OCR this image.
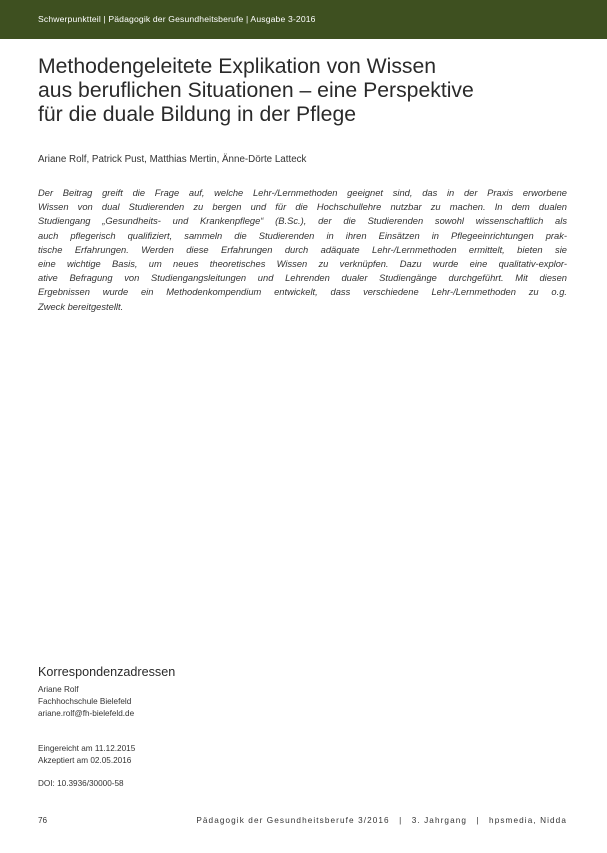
Schwerpunktteil | Pädagogik der Gesundheitsberufe | Ausgabe 3-2016
Methodengeleitete Explikation von Wissen
aus beruflichen Situationen – eine Perspektive
für die duale Bildung in der Pflege
Ariane Rolf, Patrick Pust, Matthias Mertin, Änne-Dörte Latteck

Der Beitrag greift die Frage auf, welche Lehr-/Lernmethoden geeignet sind, das in der Praxis erworbene
Wissen von dual Studierenden zu bergen und für die Hochschullehre nutzbar zu machen. In dem dualen
Studiengang „Gesundheits- und Krankenpflege“ (B.Sc.), der die Studierenden sowohl wissenschaftlich als
auch pflegerisch qualifiziert, sammeln die Studierenden in ihren Einsätzen in Pflegeeinrichtungen prak-
tische Erfahrungen. Werden diese Erfahrungen durch adäquate Lehr-/Lernmethoden ermittelt, bieten sie
eine wichtige Basis, um neues theoretisches Wissen zu verknüpfen. Dazu wurde eine qualitativ-explor-
ative Befragung von Studiengangsleitungen und Lehrenden dualer Studiengänge durchgeführt. Mit diesen
Ergebnissen wurde ein Methodenkompendium entwickelt, dass verschiedene Lehr-/Lernmethoden zu o.g.
Zweck bereitgestellt.

Korrespondenzadressen
Ariane Rolf
Fachhochschule Bielefeld
ariane.rolf@fh-bielefeld.de
Eingereicht am 11.12.2015
Akzeptiert am 02.05.2016
DOI: 10.3936/30000-58
76	Pädagogik der Gesundheitsberufe 3/2016 | 3. Jahrgang | hpsmedia, Nidda
